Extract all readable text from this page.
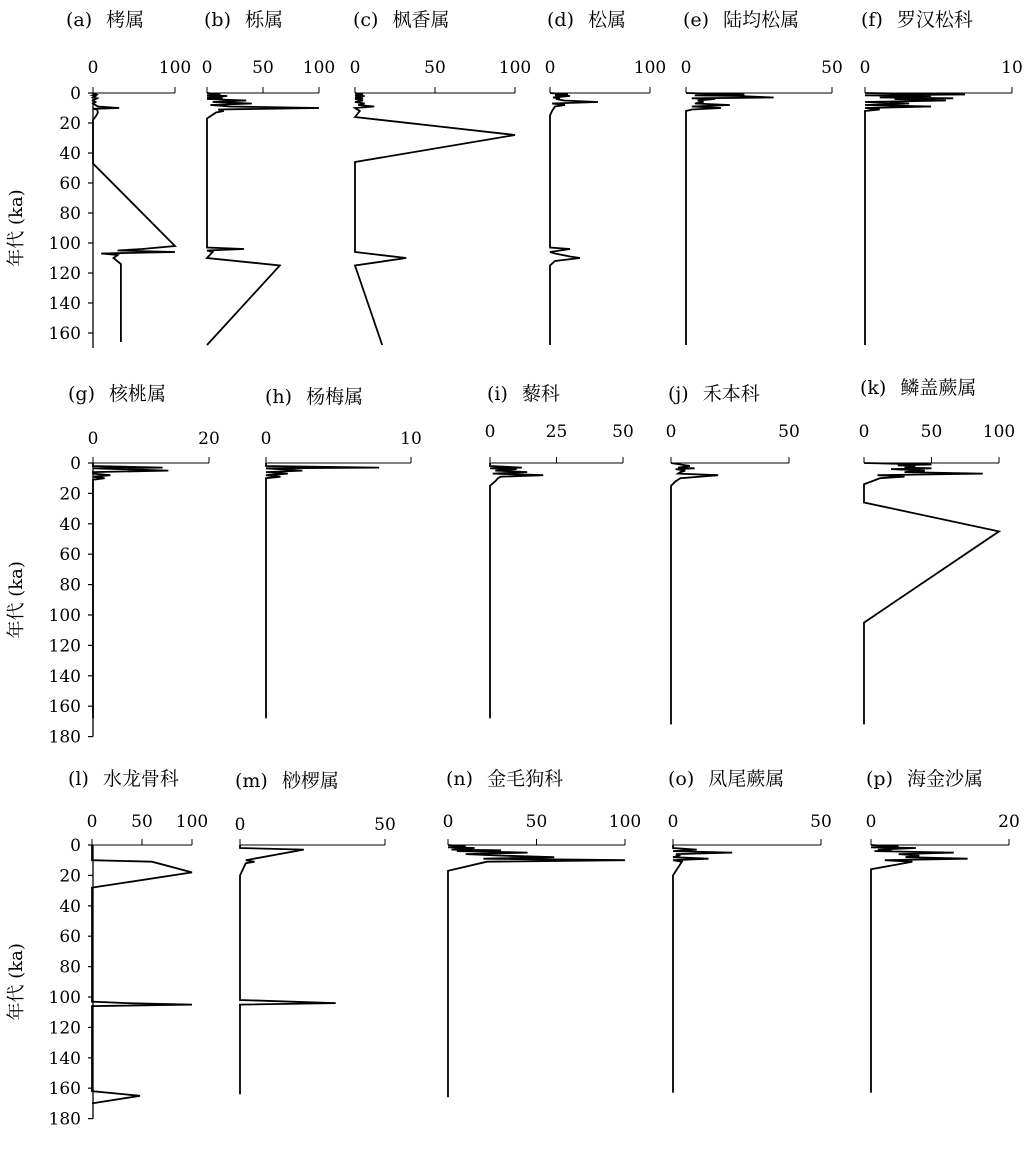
0
20
40
60
80
100
120
140
160
年代 (ka)
0
20
40
60
80
100
120
140
160
180
年代 (ka)
0
20
40
60
80
100
120
140
160
180
年代 (ka)
(a) 栲属
0	100
(b) 栎属
0 50 100
(c) 枫香属
0	50	100
(d) 松属
0	100
(e) 陆均松属
0	50
(f) 罗汉松科
0	10
(g) 核桃属
0	20
(h) 杨梅属
0	10
(i) 藜科
0	25	50
(j) 禾本科
0	50
(k) 鳞盖蕨属
0	50 100
(l) 水龙骨科
0 50 100
(m) 桫椤属
0	50
(n) 金毛狗科
0	50	100
(o) 凤尾蕨属
0	50
(p) 海金沙属
0	20
